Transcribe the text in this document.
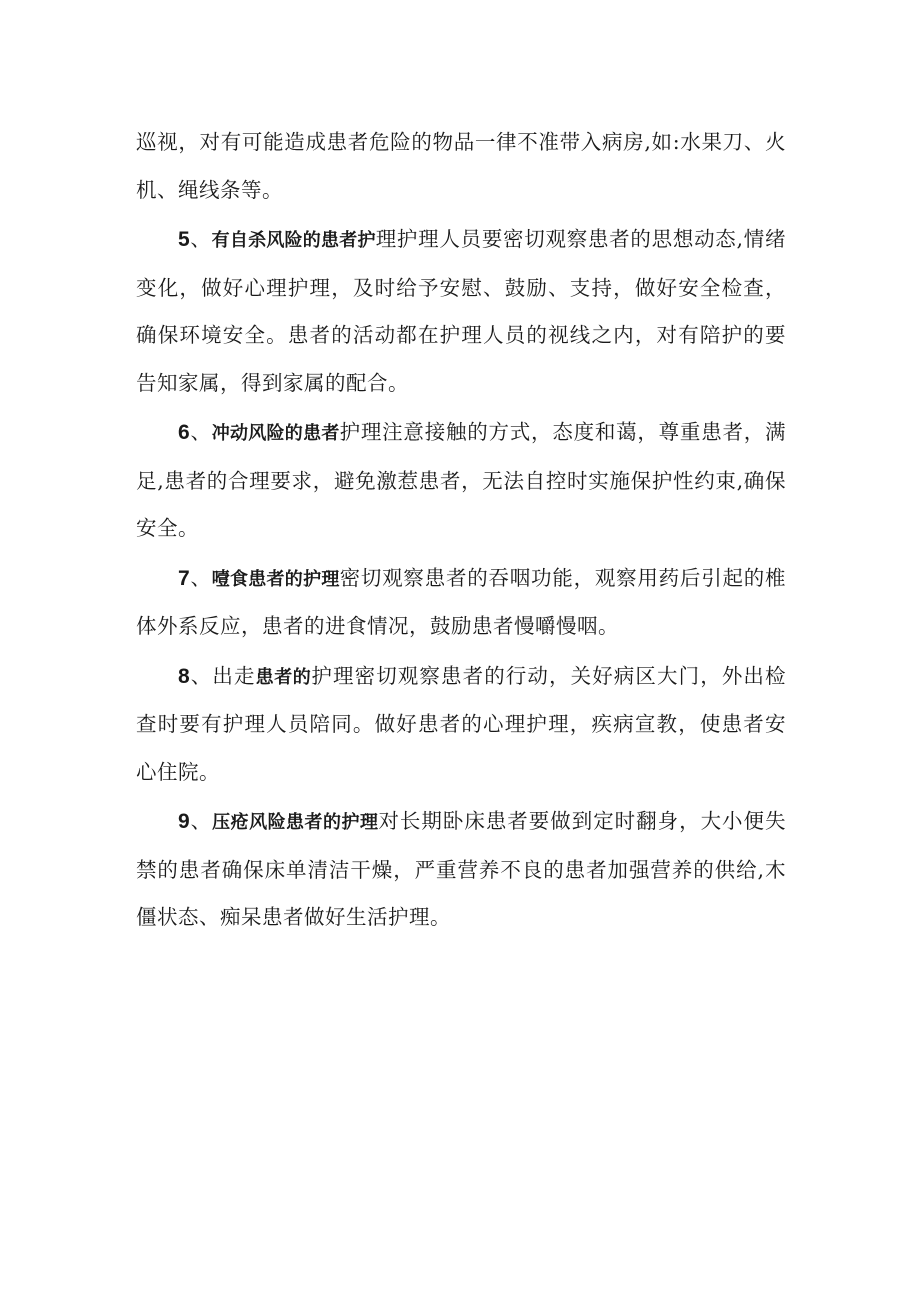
巡视，对有可能造成患者危险的物品一律不准带入病房,如:水果刀、火机、绳线条等。

5、有自杀风险的患者护理护理人员要密切观察患者的思想动态,情绪变化，做好心理护理，及时给予安慰、鼓励、支持，做好安全检查，确保环境安全。患者的活动都在护理人员的视线之内，对有陪护的要告知家属，得到家属的配合。

6、冲动风险的患者护理注意接触的方式，态度和蔼，尊重患者，满足,患者的合理要求，避免激惹患者，无法自控时实施保护性约束,确保安全。

7、噎食患者的护理密切观察患者的吞咽功能，观察用药后引起的椎体外系反应，患者的进食情况，鼓励患者慢嚼慢咽。

8、出走患者的护理密切观察患者的行动，关好病区大门，外出检查时要有护理人员陪同。做好患者的心理护理，疾病宣教，使患者安心住院。

9、压疮风险患者的护理对长期卧床患者要做到定时翻身，大小便失禁的患者确保床单清洁干燥，严重营养不良的患者加强营养的供给,木僵状态、痴呆患者做好生活护理。
